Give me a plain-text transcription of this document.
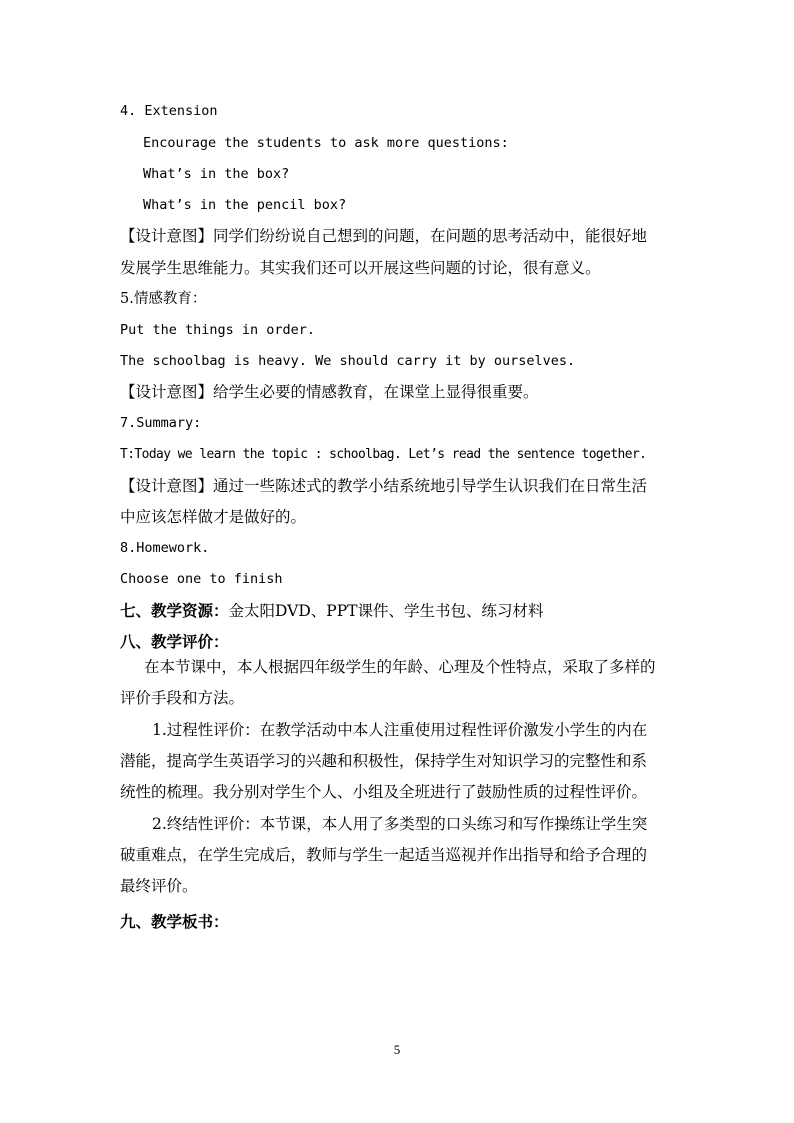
4. Extension
Encourage the students to ask more questions:
What’s in the box?
What’s in the pencil box?
【设计意图】同学们纷纷说自己想到的问题，在问题的思考活动中，能很好地
发展学生思维能力。其实我们还可以开展这些问题的讨论，很有意义。
5.情感教育：
Put the things in order.
The schoolbag is heavy. We should carry it by ourselves.
【设计意图】给学生必要的情感教育，在课堂上显得很重要。
7.Summary:
T:Today we learn the topic : schoolbag. Let’s read the sentence together.
【设计意图】通过一些陈述式的教学小结系统地引导学生认识我们在日常生活
中应该怎样做才是做好的。
8.Homework.
Choose one to finish
七、教学资源：金太阳DVD、PPT课件、学生书包、练习材料
八、教学评价：
在本节课中，本人根据四年级学生的年龄、心理及个性特点，采取了多样的
评价手段和方法。
1.过程性评价：在教学活动中本人注重使用过程性评价激发小学生的内在
潜能，提高学生英语学习的兴趣和积极性，保持学生对知识学习的完整性和系
统性的梳理。我分别对学生个人、小组及全班进行了鼓励性质的过程性评价。
2.终结性评价：本节课，本人用了多类型的口头练习和写作操练让学生突
破重难点，在学生完成后，教师与学生一起适当巡视并作出指导和给予合理的
最终评价。
九、教学板书：
5
